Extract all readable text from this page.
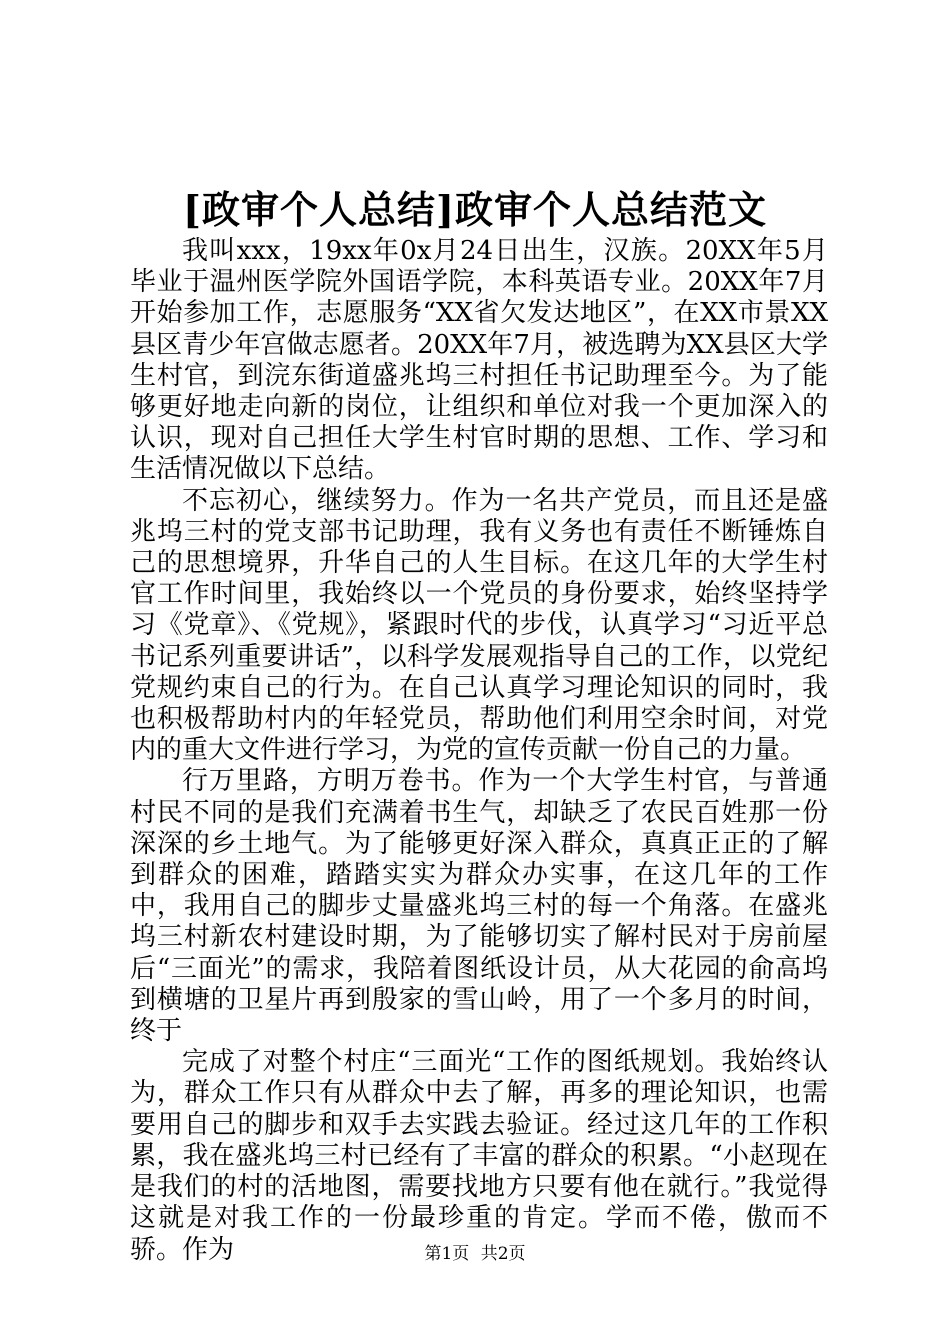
[政审个人总结]政审个人总结范文

我叫xxx，19xx年0x月24日出生，汉族。20XX年5月毕业于温州医学院外国语学院，本科英语专业。20XX年7月开始参加工作，志愿服务“XX省欠发达地区”，在XX市景XX县区青少年宫做志愿者。20XX年7月，被选聘为XX县区大学生村官，到浣东街道盛兆坞三村担任书记助理至今。为了能够更好地走向新的岗位，让组织和单位对我一个更加深入的认识，现对自己担任大学生村官时期的思想、工作、学习和生活情况做以下总结。

不忘初心，继续努力。作为一名共产党员，而且还是盛兆坞三村的党支部书记助理，我有义务也有责任不断锤炼自己的思想境界，升华自己的人生目标。在这几年的大学生村官工作时间里，我始终以一个党员的身份要求，始终坚持学习《党章》、《党规》，紧跟时代的步伐，认真学习“习近平总书记系列重要讲话”，以科学发展观指导自己的工作，以党纪党规约束自己的行为。在自己认真学习理论知识的同时，我也积极帮助村内的年轻党员，帮助他们利用空余时间，对党内的重大文件进行学习，为党的宣传贡献一份自己的力量。

行万里路，方明万卷书。作为一个大学生村官，与普通村民不同的是我们充满着书生气，却缺乏了农民百姓那一份深深的乡土地气。为了能够更好深入群众，真真正正的了解到群众的困难，踏踏实实为群众办实事，在这几年的工作中，我用自己的脚步丈量盛兆坞三村的每一个角落。在盛兆坞三村新农村建设时期，为了能够切实了解村民对于房前屋后“三面光”的需求，我陪着图纸设计员，从大花园的俞高坞到横塘的卫星片再到殷家的雪山岭，用了一个多月的时间，终于

完成了对整个村庄“三面光“工作的图纸规划。我始终认为，群众工作只有从群众中去了解，再多的理论知识，也需要用自己的脚步和双手去实践去验证。经过这几年的工作积累，我在盛兆坞三村已经有了丰富的群众的积累。“小赵现在是我们的村的活地图，需要找地方只要有他在就行。”我觉得这就是对我工作的一份最珍重的肯定。学而不倦，傲而不骄。作为	第1页 共2页
